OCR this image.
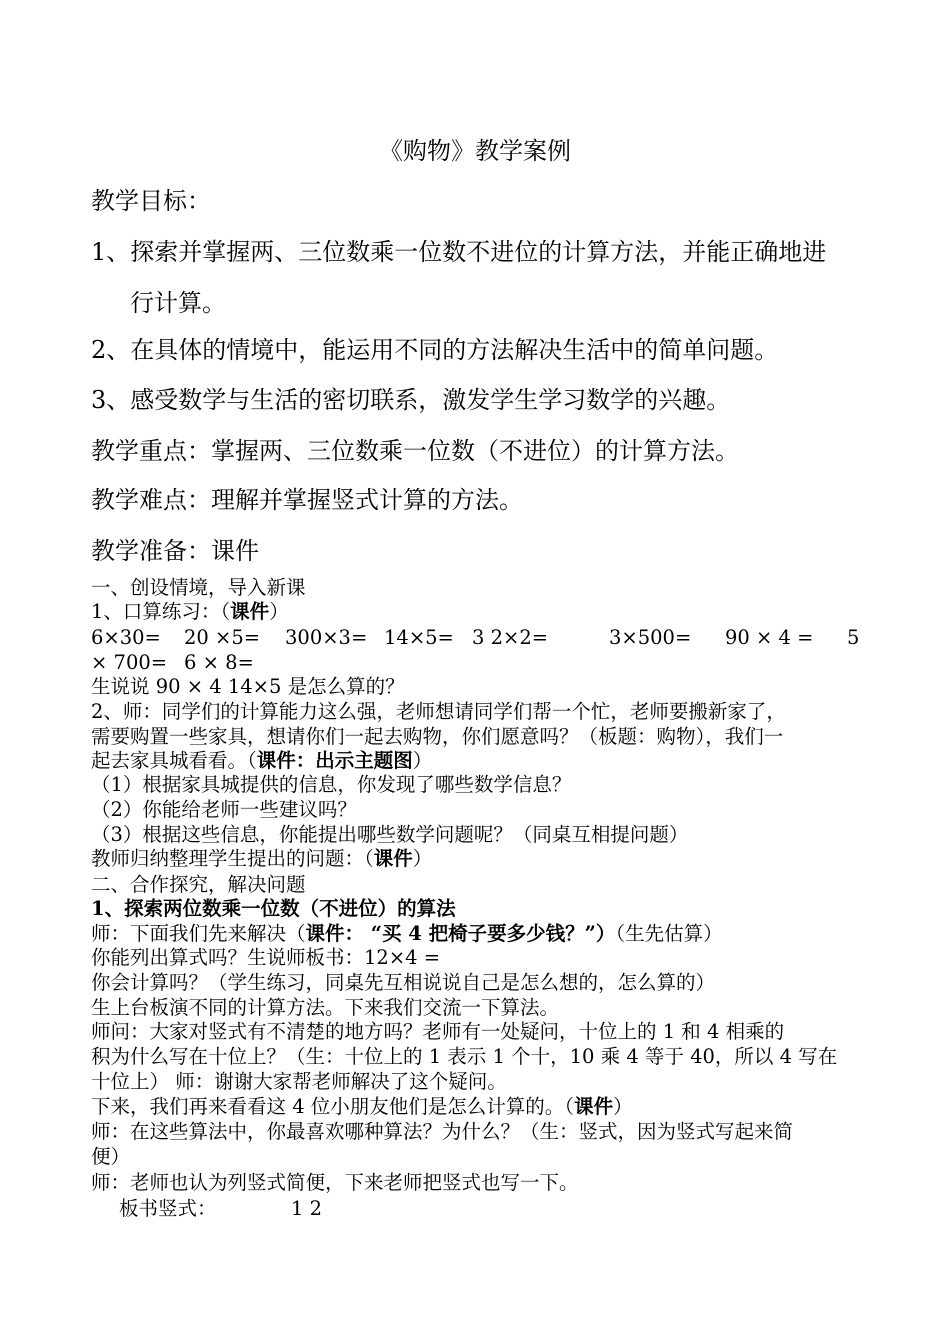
《购物》教学案例
教学目标：
1、探索并掌握两、三位数乘一位数不进位的计算方法，并能正确地进
行计算。
2、在具体的情境中，能运用不同的方法解决生活中的简单问题。
3、感受数学与生活的密切联系，激发学生学习数学的兴趣。
教学重点：掌握两、三位数乘一位数（不进位）的计算方法。
教学难点：理解并掌握竖式计算的方法。
教学准备：课件
一、创设情境，导入新课
1、口算练习：（课件）
6×30= 20 ×5= 300×3= 14×5= 3 2×2=	3×500= 90 × 4 = 5
× 700= 6 × 8=
生说说 90 × 4 14×5 是怎么算的？
2、师：同学们的计算能力这么强，老师想请同学们帮一个忙，老师要搬新家了，
需要购置一些家具，想请你们一起去购物，你们愿意吗？（板题：购物），我们一
起去家具城看看。（课件：出示主题图）
（1）根据家具城提供的信息，你发现了哪些数学信息？
（2）你能给老师一些建议吗？
（3）根据这些信息，你能提出哪些数学问题呢？（同桌互相提问题）
教师归纳整理学生提出的问题：（课件）
二、合作探究，解决问题
1、探索两位数乘一位数（不进位）的算法
师：下面我们先来解决（课件： “买 4 把椅子要多少钱？”）（生先估算）
你能列出算式吗？生说师板书：12×4 =
你会计算吗？（学生练习，同桌先互相说说自己是怎么想的，怎么算的）
生上台板演不同的计算方法。下来我们交流一下算法。
师问：大家对竖式有不清楚的地方吗？老师有一处疑问，十位上的 1 和 4 相乘的
积为什么写在十位上？（生：十位上的 1 表示 1 个十，10 乘 4 等于 40，所以 4 写在
十位上） 师：谢谢大家帮老师解决了这个疑问。
下来，我们再来看看这 4 位小朋友他们是怎么计算的。（课件）
师：在这些算法中，你最喜欢哪种算法？为什么？（生：竖式，因为竖式写起来简
便）
师：老师也认为列竖式简便，下来老师把竖式也写一下。
板书竖式：	1 2
